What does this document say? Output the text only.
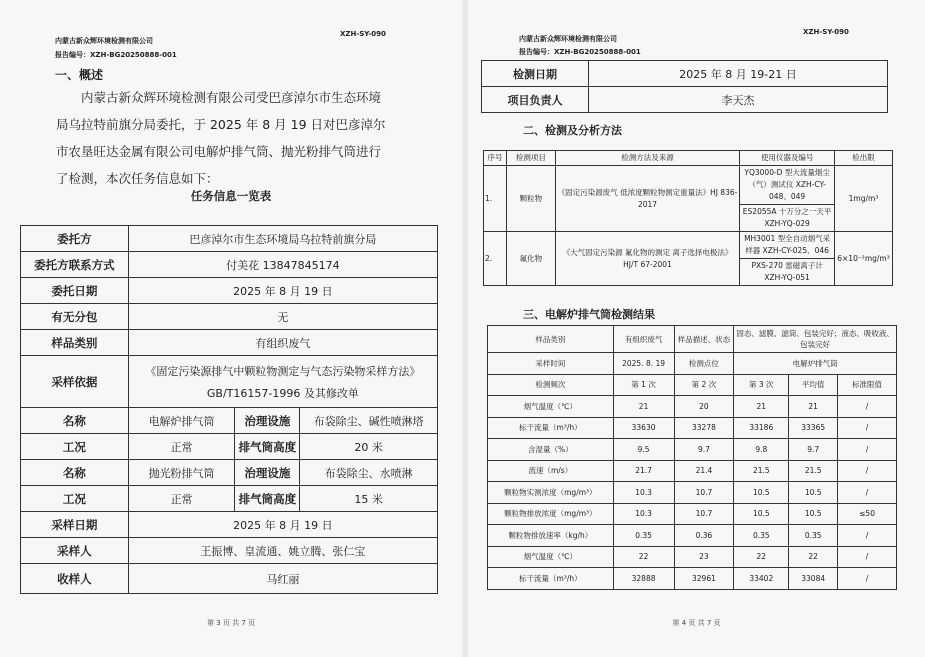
内蒙古新众辉环境检测有限公司
XZH-SY-090
报告编号：XZH-BG20250888-001
一、概述
内蒙古新众辉环境检测有限公司受巴彦淖尔市生态环境局乌拉特前旗分局委托，于 2025 年 8 月 19 日对巴彦淖尔市农垦旺达金属有限公司电解炉排气筒、抛光粉排气筒进行了检测，本次任务信息如下：
任务信息一览表
委托方	巴彦淖尔市生态环境局乌拉特前旗分局		
委托方联系方式	付美花 13847845174		
委托日期	2025 年 8 月 19 日		
有无分包	无		
样品类别	有组织废气		
采样依据	《固定污染源排气中颗粒物测定与气态污染物采样方法》
GB/T16157-1996 及其修改单		

名称	电解炉排气筒	治理设施	布袋除尘、碱性喷淋塔
工况	正常	排气筒高度	20 米
名称	抛光粉排气筒	治理设施	布袋除尘、水喷淋
工况	正常	排气筒高度	15 米
采样日期	2025 年 8 月 19 日		
采样人	王振博、皇流通、姚立腾、张仁宝		
收样人	马红丽		
第 3 页 共 7 页
内蒙古新众辉环境检测有限公司
XZH-SY-090
报告编号：XZH-BG20250888-001
检测日期	2025 年 8 月 19-21 日
项目负责人	李天杰
二、检测及分析方法
序号	检测项目	检测方法及来源	使用仪器及编号	检出限
1.	颗粒物	《固定污染源废气 低浓度颗粒物测定重量法》HJ 836-2017	YQ3000-D 型大流量烟尘（气）测试仪 XZH-CY-048、049	1mg/m³
			ES2055A 十万分之一天平 XZH-YQ-029	
2.	氟化物	《大气固定污染源 氟化物的测定 离子选择电极法》HJ/T 67-2001	MH3001 型全自动烟气采样器 XZH-CY-025、046	6×10⁻²mg/m³
			PXS-270 雷磁离子计 XZH-YQ-051	
三、电解炉排气筒检测结果
样品类别	有组织废气	样品描述、状态	固态、滤膜、滤筒、包装完好；液态、吸收液、包装完好		
采样时间	2025. 8. 19	检测点位	电解炉排气筒		
检测频次	第 1 次	第 2 次	第 3 次	平均值	标准限值
烟气温度（℃）	21	20	21	21	/
标干流量（m³/h）	33630	33278	33186	33365	/
含湿量（%）	9.5	9.7	9.8	9.7	/
流速（m/s）	21.7	21.4	21.5	21.5	/
颗粒物实测浓度（mg/m³）	10.3	10.7	10.5	10.5	/
颗粒物排放浓度（mg/m³）	10.3	10.7	10.5	10.5	≤50
颗粒物排放速率（kg/h）	0.35	0.36	0.35	0.35	/
烟气温度（℃）	22	23	22	22	/
标干流量（m³/h）	32888	32961	33402	33084	/
第 4 页 共 7 页
